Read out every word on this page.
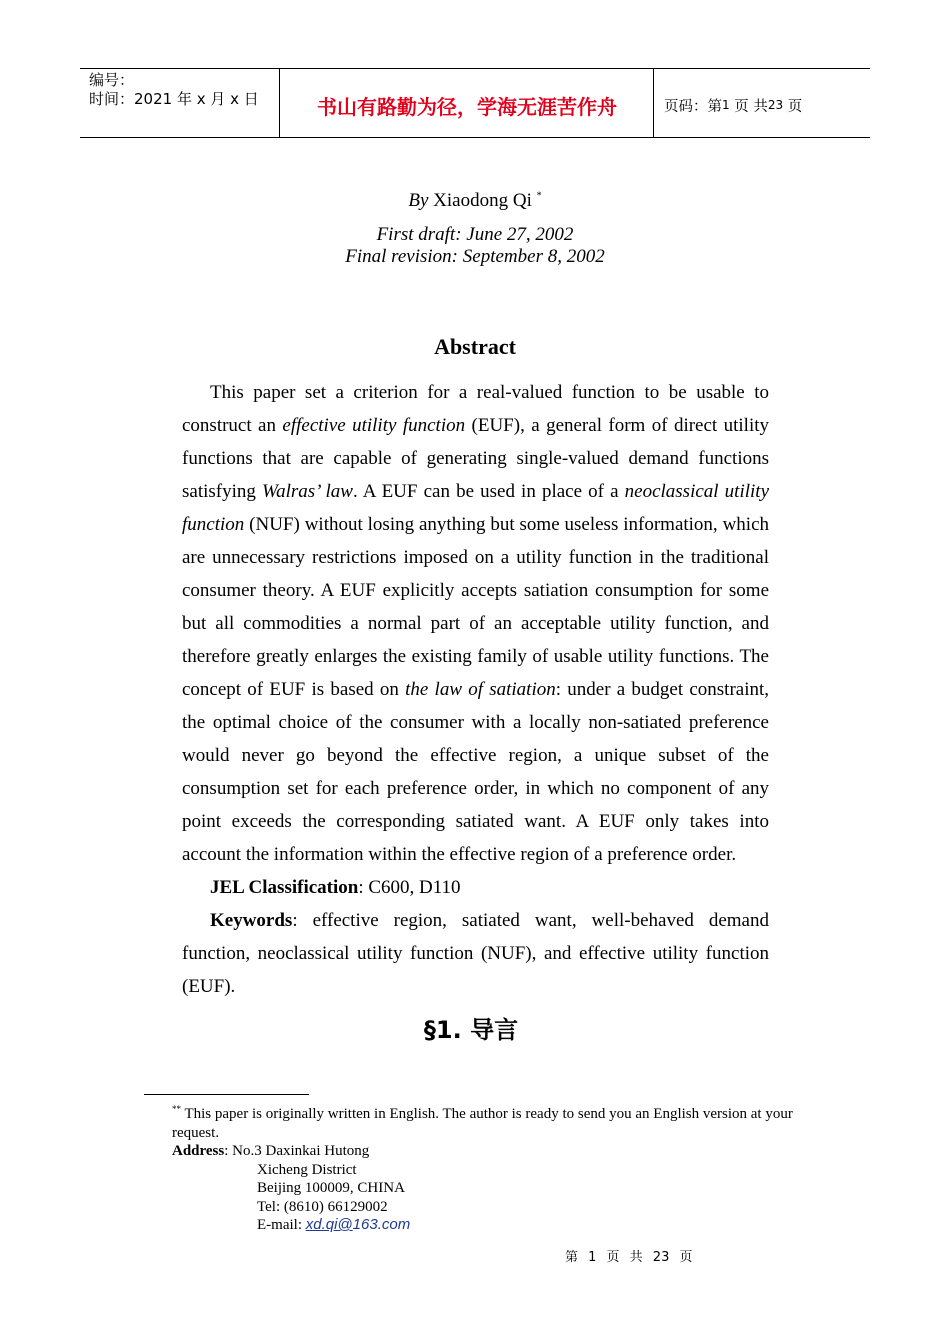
编号：
时间：2021 年 x 月 x 日	书山有路勤为径，学海无涯苦作舟	页码：第 1
页 共 23
页
By Xiaodong Qi *
First draft: June 27, 2002
Final revision: September 8, 2002
Abstract

This paper set a criterion for a real-valued function to be usable to construct an effective utility function (EUF), a general form of direct utility functions that are capable of generating single-valued demand functions satisfying Walras’ law. A EUF can be used in place of a neoclassical utility function (NUF) without losing anything but some useless information, which are unnecessary restrictions imposed on a utility function in the traditional consumer theory. A EUF explicitly accepts satiation consumption for some but all commodities a normal part of an acceptable utility function, and therefore greatly enlarges the existing family of usable utility functions. The concept of EUF is based on the law of satiation: under a budget constraint, the optimal choice of the consumer with a locally non-satiated preference would never go beyond the effective region, a unique subset of the consumption set for each preference order, in which no component of any point exceeds the corresponding satiated want. A EUF only takes into account the information within the effective region of a preference order.

JEL Classification: C600, D110

Keywords: effective region, satiated want, well-behaved demand function, neoclassical utility function (NUF), and effective utility function (EUF).

§1. 导言
** This paper is originally written in English. The author is ready to send you an English version at your request.
Address: No.3 Daxinkai Hutong
Xicheng District
Beijing 100009, CHINA
Tel: (8610) 66129002
E-mail: xd.qi@163.com
第 1 页 共 23 页
